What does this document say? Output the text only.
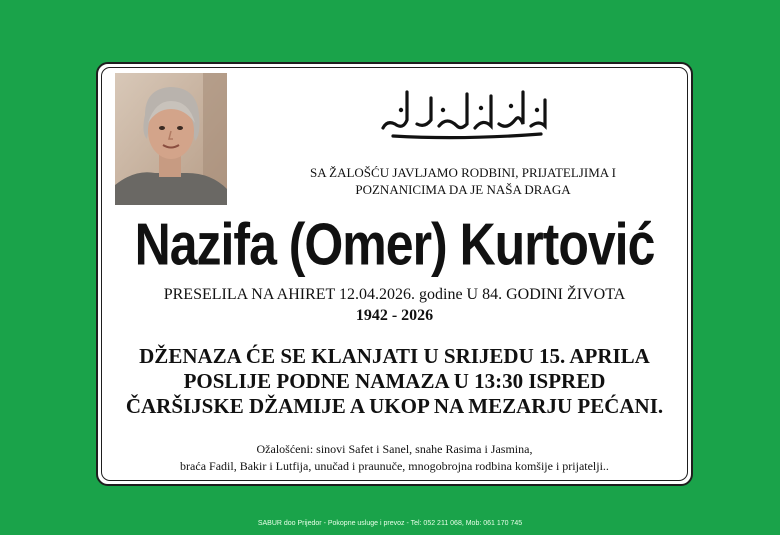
SA ŽALOŠĆU JAVLJAMO RODBINI, PRIJATELJIMA I
POZNANICIMA DA JE NAŠA DRAGA
Nazifa (Omer) Kurtović
PRESELILA NA AHIRET 12.04.2026. godine U 84. GODINI ŽIVOTA
1942 - 2026
DŽENAZA ĆE SE KLANJATI U SRIJEDU 15. APRILA
POSLIJE PODNE NAMAZA U 13:30 ISPRED
ČARŠIJSKE DŽAMIJE A UKOP NA MEZARJU PEĆANI.
Ožalošćeni: sinovi Safet i Sanel, snahe Rasima i Jasmina,
braća Fadil, Bakir i Lutfija, unučad i praunuče, mnogobrojna rodbina komšije i prijatelji..
SABUR doo Prijedor - Pokopne usluge i prevoz - Tel: 052 211 068, Mob: 061 170 745
